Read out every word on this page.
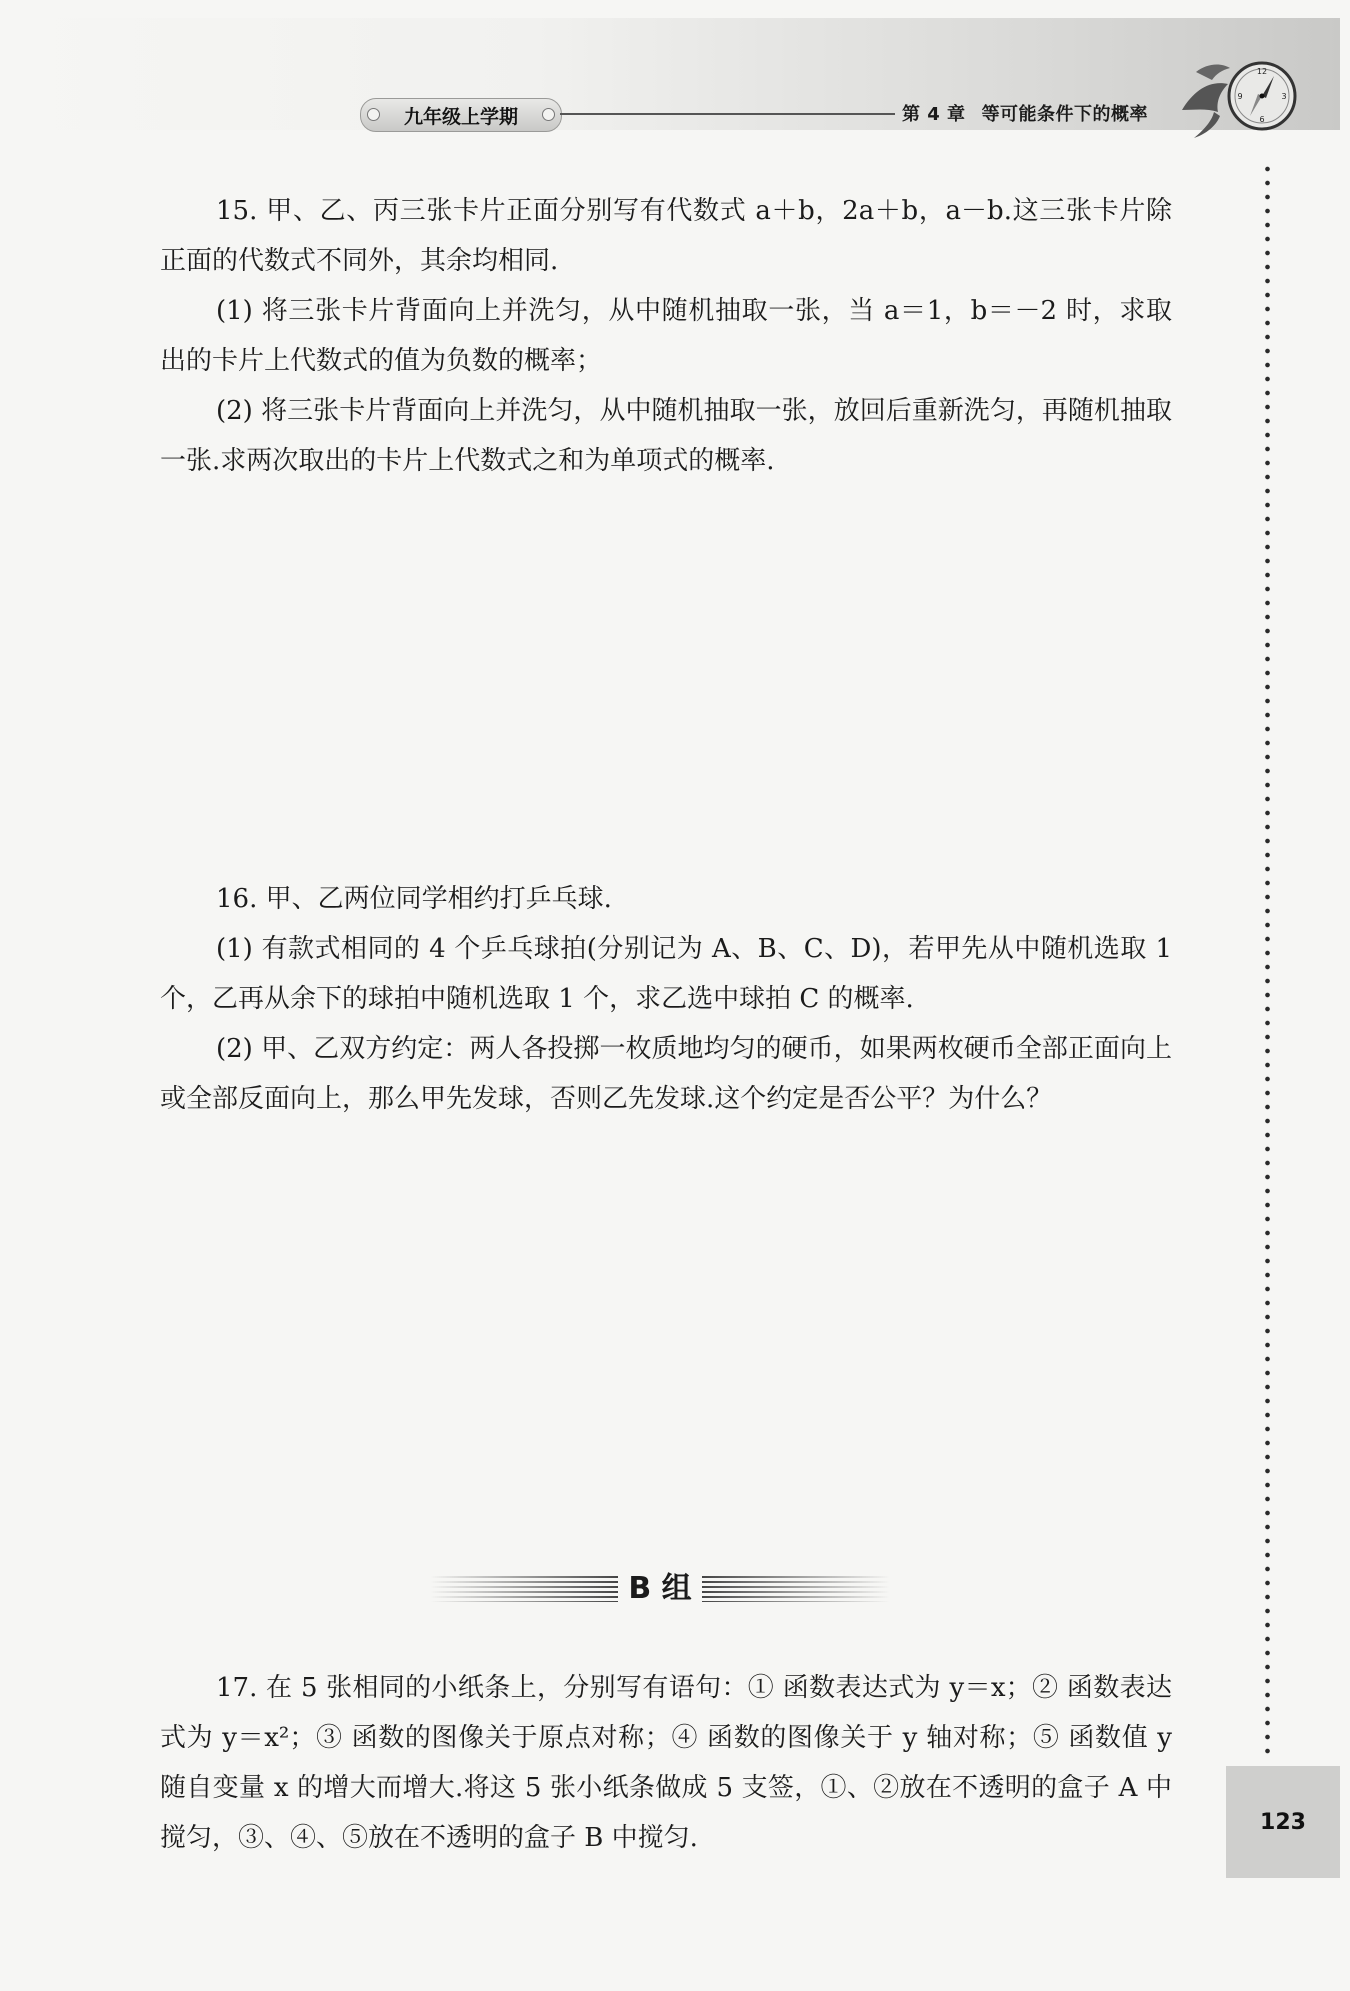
九年级上学期	第 4 章 等可能条件下的概率
12
3
6
9
123

15. 甲、乙、丙三张卡片正面分别写有代数式 a＋b，2a＋b，a－b.这三张卡片除正面的代数式不同外，其余均相同.

(1) 将三张卡片背面向上并洗匀，从中随机抽取一张，当 a＝1，b＝－2 时，求取出的卡片上代数式的值为负数的概率；

(2) 将三张卡片背面向上并洗匀，从中随机抽取一张，放回后重新洗匀，再随机抽取一张.求两次取出的卡片上代数式之和为单项式的概率.

16. 甲、乙两位同学相约打乒乓球.

(1) 有款式相同的 4 个乒乓球拍(分别记为 A、B、C、D)，若甲先从中随机选取 1 个，乙再从余下的球拍中随机选取 1 个，求乙选中球拍 C 的概率.

(2) 甲、乙双方约定：两人各投掷一枚质地均匀的硬币，如果两枚硬币全部正面向上或全部反面向上，那么甲先发球，否则乙先发球.这个约定是否公平？为什么？

B 组

17. 在 5 张相同的小纸条上，分别写有语句：① 函数表达式为 y＝x；② 函数表达式为 y＝x²；③ 函数的图像关于原点对称；④ 函数的图像关于 y 轴对称；⑤ 函数值 y 随自变量 x 的增大而增大.将这 5 张小纸条做成 5 支签，①、②放在不透明的盒子 A 中搅匀，③、④、⑤放在不透明的盒子 B 中搅匀.
